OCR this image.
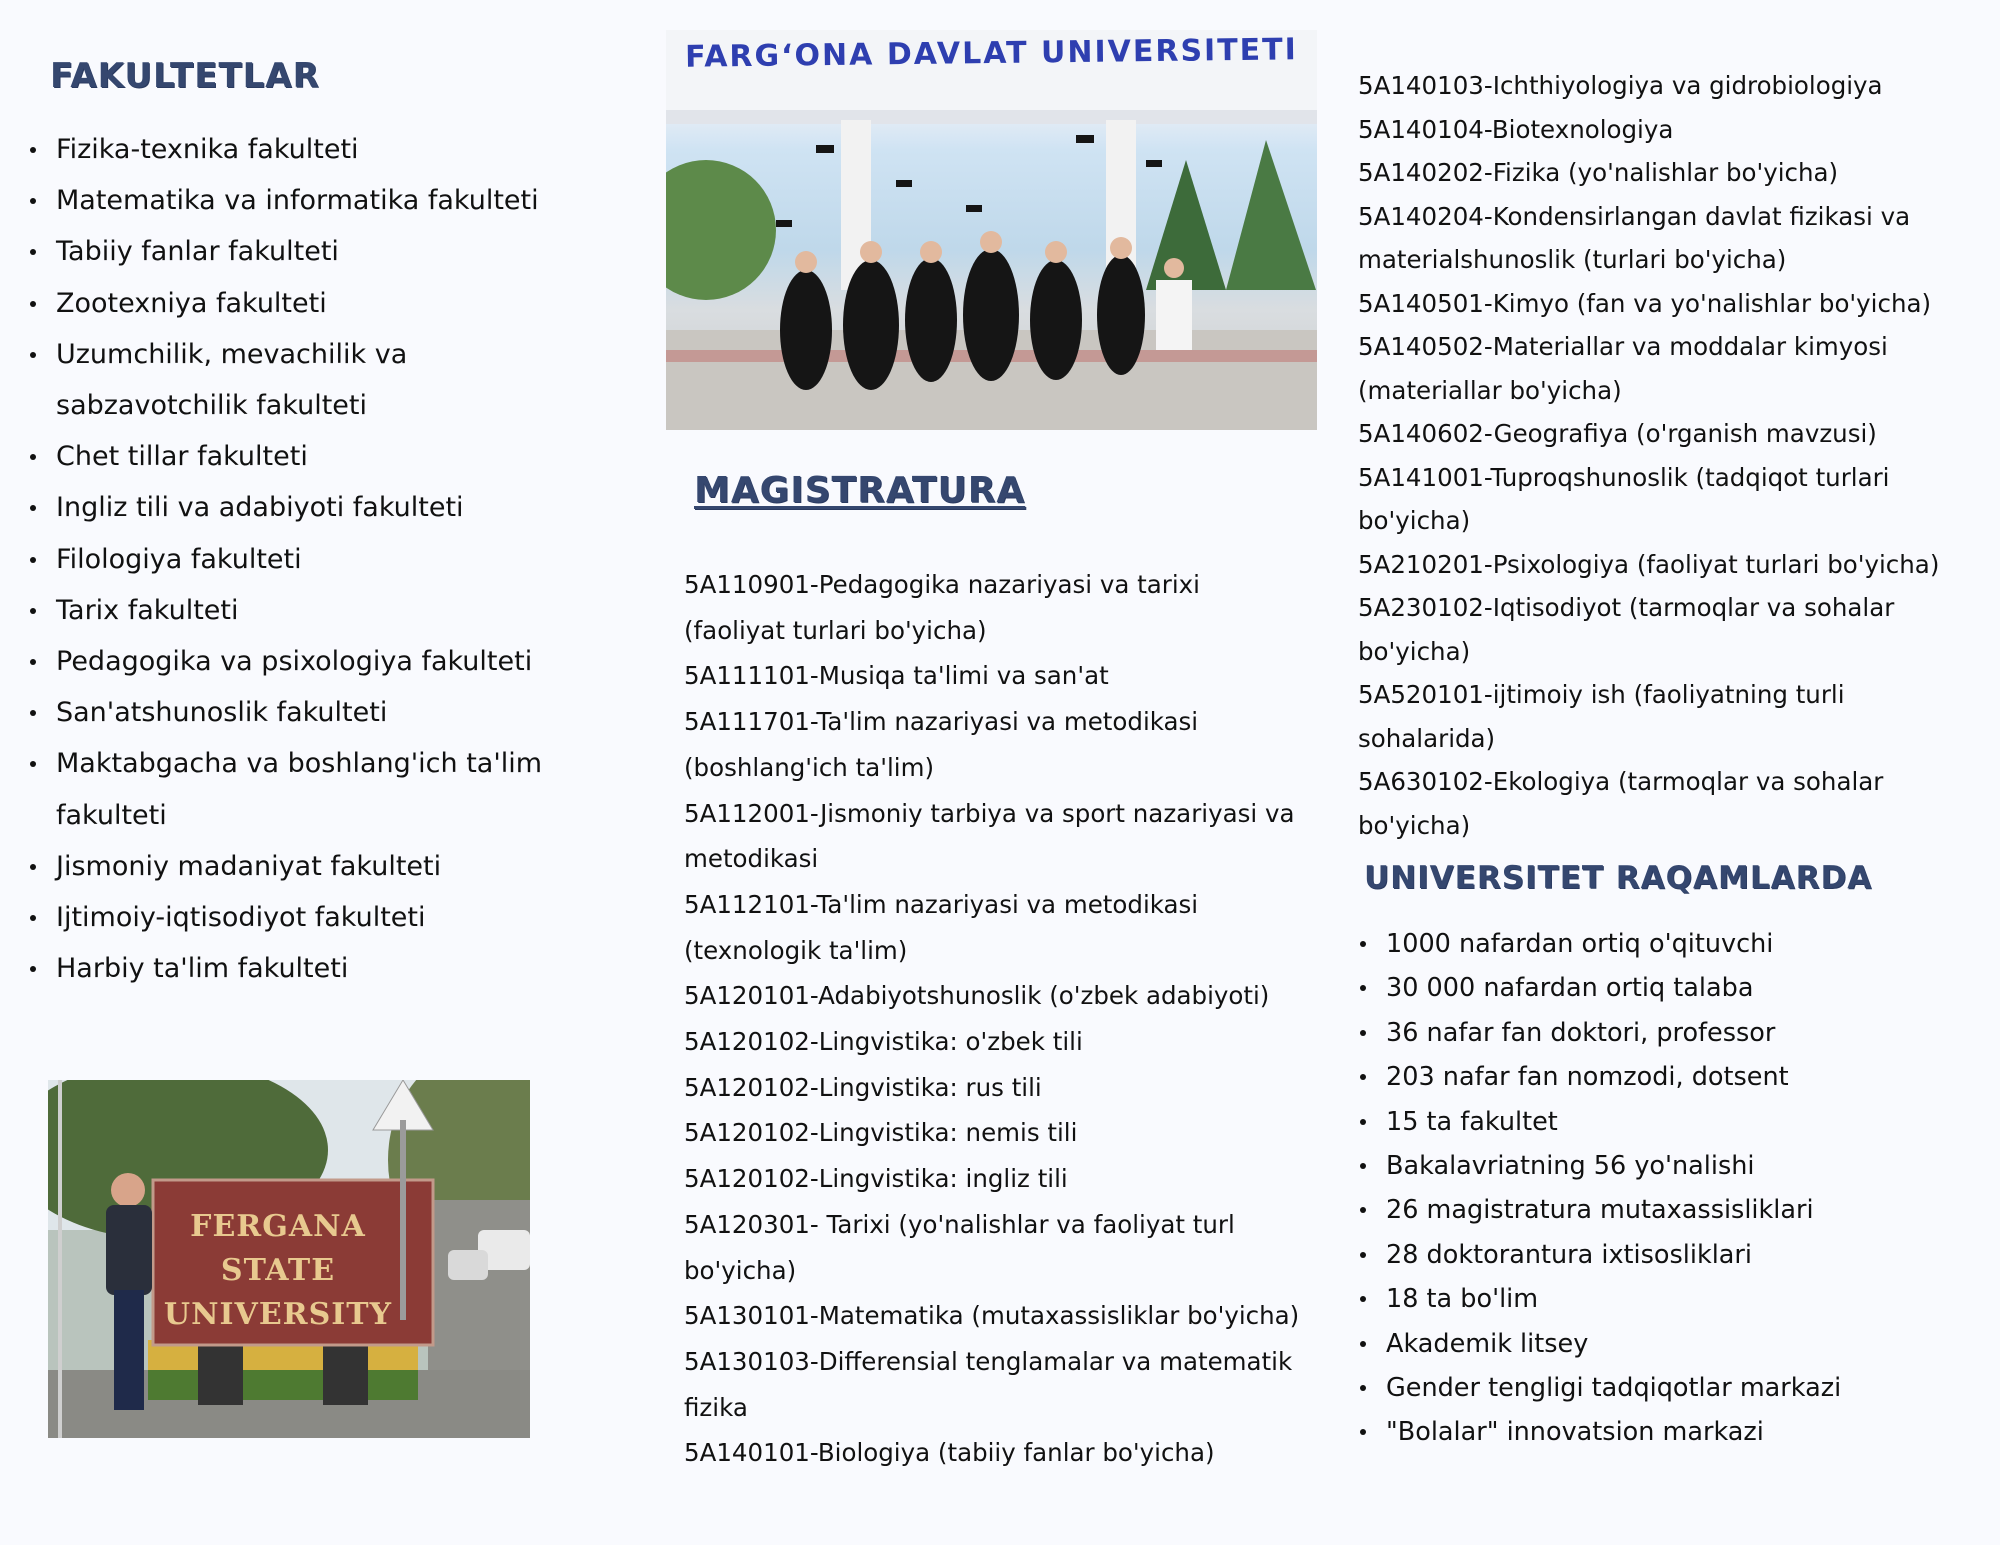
FAKULTETLAR
Fizika-texnika fakulteti
Matematika va informatika fakulteti
Tabiiy fanlar fakulteti
Zootexniya fakulteti
Uzumchilik, mevachilik va
sabzavotchilik fakulteti
Chet tillar fakulteti
Ingliz tili va adabiyoti fakulteti
Filologiya fakulteti
Tarix fakulteti
Pedagogika va psixologiya fakulteti
San'atshunoslik fakulteti
Maktabgacha va boshlang'ich ta'lim
fakulteti
Jismoniy madaniyat fakulteti
Ijtimoiy-iqtisodiyot fakulteti
Harbiy ta'lim fakulteti
FERGANA STATE
UNIVERSITY
FARG‘ONA DAVLAT UNIVERSITETI
MAGISTRATURA
5A110901-Pedagogika nazariyasi va tarixi
(faoliyat turlari bo'yicha)
5A111101-Musiqa ta'limi va san'at
5A111701-Ta'lim nazariyasi va metodikasi
(boshlang'ich ta'lim)
5A112001-Jismoniy tarbiya va sport nazariyasi va
metodikasi
5A112101-Ta'lim nazariyasi va metodikasi
(texnologik ta'lim)
5A120101-Adabiyotshunoslik (o'zbek adabiyoti)
5A120102-Lingvistika: o'zbek tili
5A120102-Lingvistika: rus tili
5A120102-Lingvistika: nemis tili
5A120102-Lingvistika: ingliz tili
5A120301- Tarixi (yo'nalishlar va faoliyat turl
bo'yicha)
5A130101-Matematika (mutaxassisliklar bo'yicha)
5A130103-Differensial tenglamalar va matematik
fizika
5A140101-Biologiya (tabiiy fanlar bo'yicha)
5A140103-Ichthiyologiya va gidrobiologiya
5A140104-Biotexnologiya
5A140202-Fizika (yo'nalishlar bo'yicha)
5A140204-Kondensirlangan davlat fizikasi va
materialshunoslik (turlari bo'yicha)
5A140501-Kimyo (fan va yo'nalishlar bo'yicha)
5A140502-Materiallar va moddalar kimyosi
(materiallar bo'yicha)
5A140602-Geografiya (o'rganish mavzusi)
5A141001-Tuproqshunoslik (tadqiqot turlari
bo'yicha)
5A210201-Psixologiya (faoliyat turlari bo'yicha)
5A230102-Iqtisodiyot (tarmoqlar va sohalar
bo'yicha)
5A520101-ijtimoiy ish (faoliyatning turli
sohalarida)
5A630102-Ekologiya (tarmoqlar va sohalar
bo'yicha)
UNIVERSITET RAQAMLARDA
1000 nafardan ortiq o'qituvchi
30 000 nafardan ortiq talaba
36 nafar fan doktori, professor
203 nafar fan nomzodi, dotsent
15 ta fakultet
Bakalavriatning 56 yo'nalishi
26 magistratura mutaxassisliklari
28 doktorantura ixtisosliklari
18 ta bo'lim
Akademik litsey
Gender tengligi tadqiqotlar markazi
"Bolalar" innovatsion markazi
